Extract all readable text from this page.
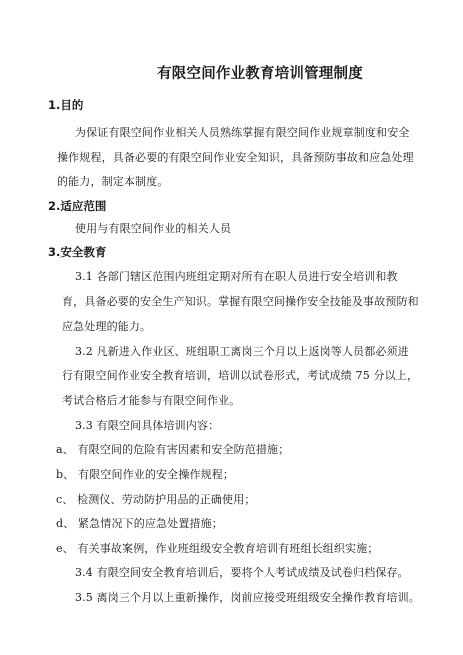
有限空间作业教育培训管理制度
1.目的
为保证有限空间作业相关人员熟练掌握有限空间作业规章制度和安全
操作规程，具备必要的有限空间作业安全知识，具备预防事故和应急处理
的能力，制定本制度。
2.适应范围
使用与有限空间作业的相关人员
3.安全教育
3.1 各部门辖区范围内班组定期对所有在职人员进行安全培训和教
育，具备必要的安全生产知识。掌握有限空间操作安全技能及事故预防和
应急处理的能力。
3.2 凡新进入作业区、班组职工离岗三个月以上返岗等人员都必须进
行有限空间作业安全教育培训，培训以试卷形式，考试成绩 75 分以上，
考试合格后才能参与有限空间作业。
3.3 有限空间具体培训内容：
a、 有限空间的危险有害因素和安全防范措施；
b、 有限空间作业的安全操作规程；
c、 检测仪、劳动防护用品的正确使用；
d、 紧急情况下的应急处置措施；
e、 有关事故案例，作业班组级安全教育培训有班组长组织实施；
3.4 有限空间安全教育培训后，要将个人考试成绩及试卷归档保存。
3.5 离岗三个月以上重新操作，岗前应接受班组级安全操作教育培训。
